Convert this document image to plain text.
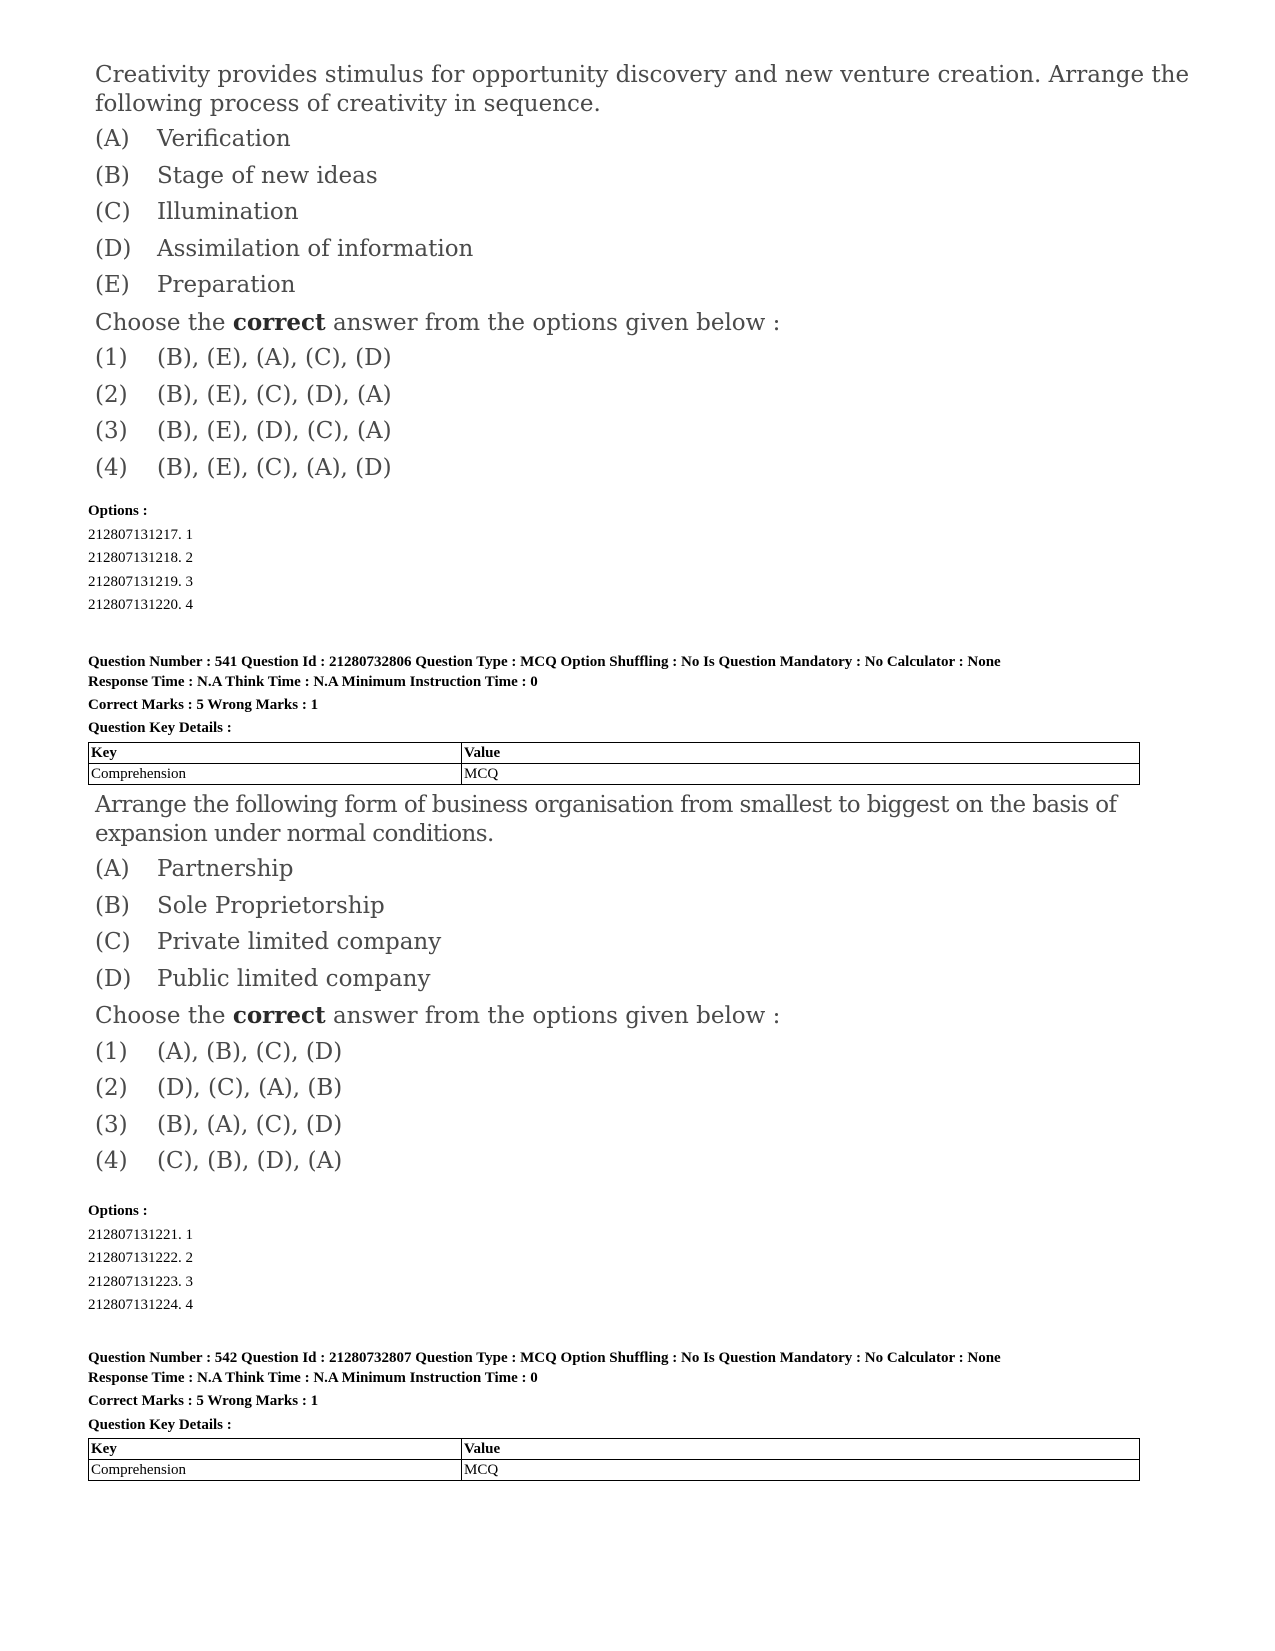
Creativity provides stimulus for opportunity discovery and new venture creation. Arrange the following process of creativity in sequence.
(A)	Verification
(B)	Stage of new ideas
(C)	Illumination
(D)	Assimilation of information
(E)	Preparation
Choose the
correct
answer from the options given below :
(1)	(B), (E), (A), (C), (D)
(2)	(B), (E), (C), (D), (A)
(3)	(B), (E), (D), (C), (A)
(4)	(B), (E), (C), (A), (D)
Options :
212807131217. 1
212807131218. 2
212807131219. 3
212807131220. 4
Question Number : 541 Question Id : 21280732806 Question Type : MCQ Option Shuffling : No Is Question Mandatory : No Calculator : None
Response Time : N.A Think Time : N.A Minimum Instruction Time : 0
Correct Marks : 5 Wrong Marks : 1
Question Key Details :
Key	Value
Comprehension	MCQ
Arrange the following form of business organisation from smallest to biggest on the basis of expansion under normal conditions.
(A)	Partnership
(B)	Sole Proprietorship
(C)	Private limited company
(D)	Public limited company
Choose the
correct
answer from the options given below :
(1)	(A), (B), (C), (D)
(2)	(D), (C), (A), (B)
(3)	(B), (A), (C), (D)
(4)	(C), (B), (D), (A)
Options :
212807131221. 1
212807131222. 2
212807131223. 3
212807131224. 4
Question Number : 542 Question Id : 21280732807 Question Type : MCQ Option Shuffling : No Is Question Mandatory : No Calculator : None
Response Time : N.A Think Time : N.A Minimum Instruction Time : 0
Correct Marks : 5 Wrong Marks : 1
Question Key Details :
Key	Value
Comprehension	MCQ
